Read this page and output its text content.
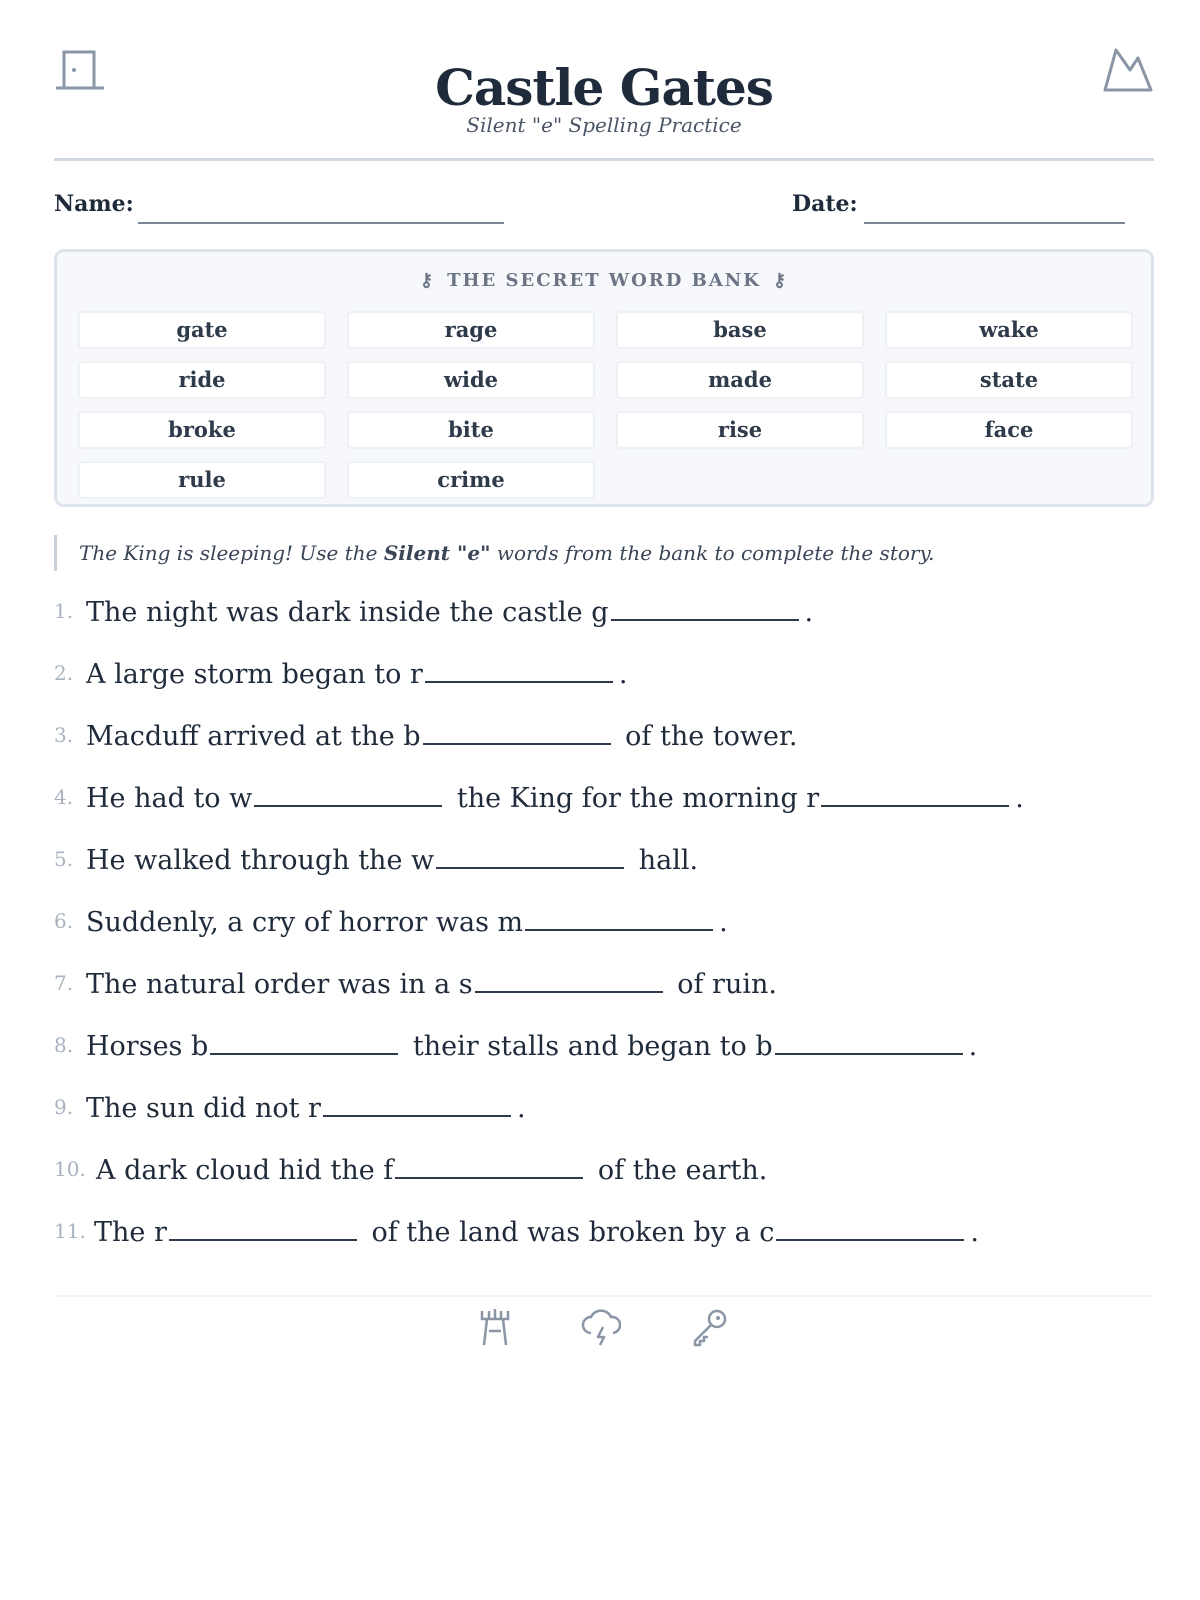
Castle Gates
Silent "e" Spelling Practice
Name:	Date:
⚷ THE SECRET WORD BANK ⚷
gate	rage	base	wake
ride	wide	made	state
broke	bite	rise	face
rule	crime
The King is sleeping! Use the Silent "e" words from the bank to complete the story.
1. The night was dark inside the castle g	.
2. A large storm began to r	.
3. Macduff arrived at the b	of the tower.
4. He had to w	the King for the morning r	.
5. He walked through the w	hall.
6. Suddenly, a cry of horror was m	.
7. The natural order was in a s	of ruin.
8. Horses b	their stalls and began to b	.
9. The sun did not r	.
10. A dark cloud hid the f	of the earth.
11. The r	of the land was broken by a c	.
